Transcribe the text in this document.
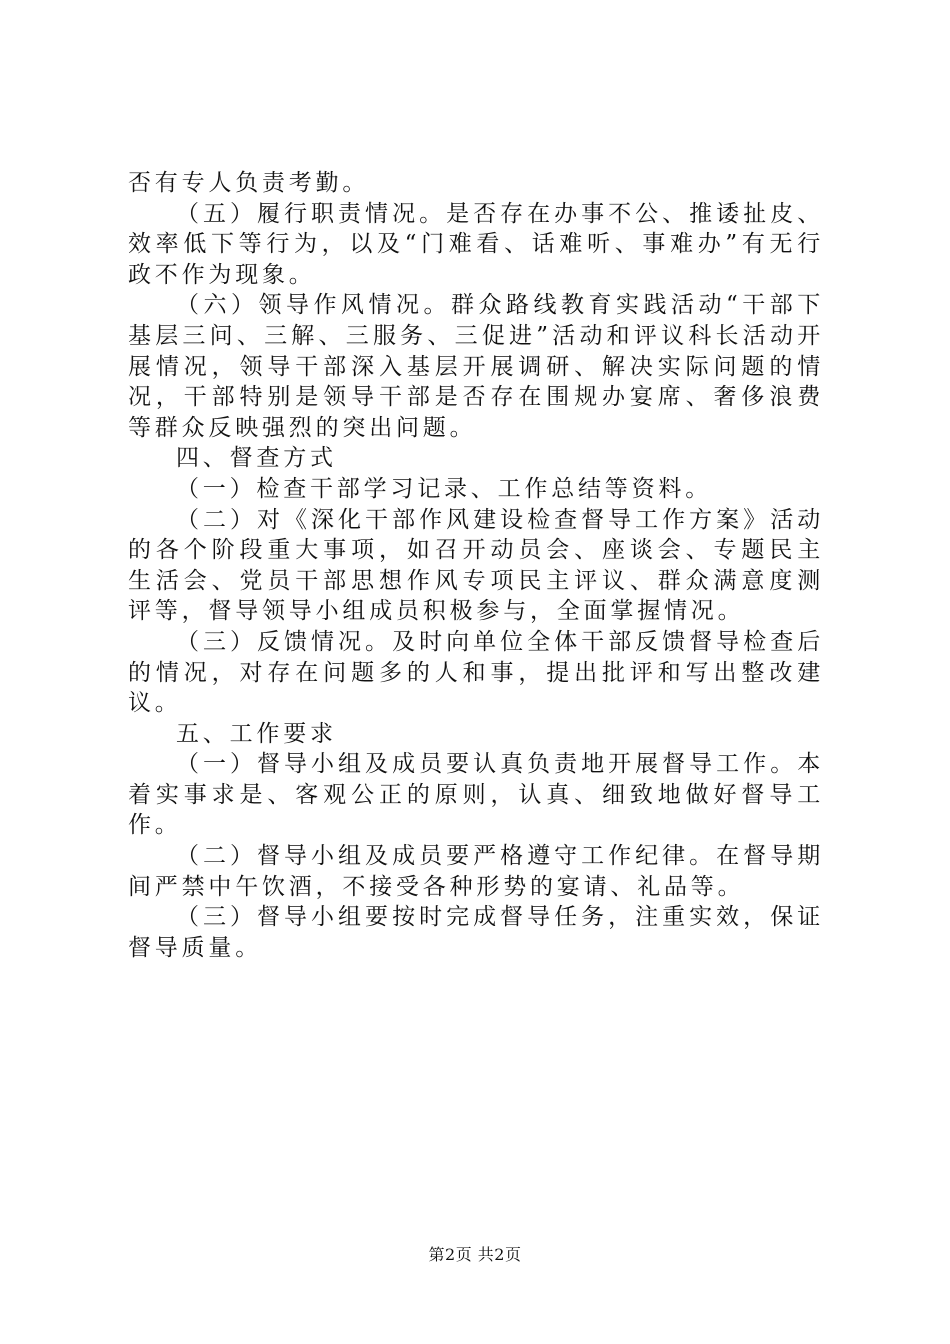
否有专人负责考勤。

（五）履行职责情况。是否存在办事不公、推诿扯皮、效率低下等行为，以及“门难看、话难听、事难办”有无行政不作为现象。

（六）领导作风情况。群众路线教育实践活动“干部下基层三问、三解、三服务、三促进”活动和评议科长活动开展情况，领导干部深入基层开展调研、解决实际问题的情况，干部特别是领导干部是否存在围规办宴席、奢侈浪费等群众反映强烈的突出问题。

四、督查方式

（一）检查干部学习记录、工作总结等资料。

（二）对《深化干部作风建设检查督导工作方案》活动的各个阶段重大事项，如召开动员会、座谈会、专题民主生活会、党员干部思想作风专项民主评议、群众满意度测评等，督导领导小组成员积极参与，全面掌握情况。

（三）反馈情况。及时向单位全体干部反馈督导检查后的情况，对存在问题多的人和事，提出批评和写出整改建议。

五、工作要求

（一）督导小组及成员要认真负责地开展督导工作。本着实事求是、客观公正的原则，认真、细致地做好督导工作。

（二）督导小组及成员要严格遵守工作纪律。在督导期间严禁中午饮酒，不接受各种形势的宴请、礼品等。

（三）督导小组要按时完成督导任务，注重实效，保证督导质量。

第2页 共2页
